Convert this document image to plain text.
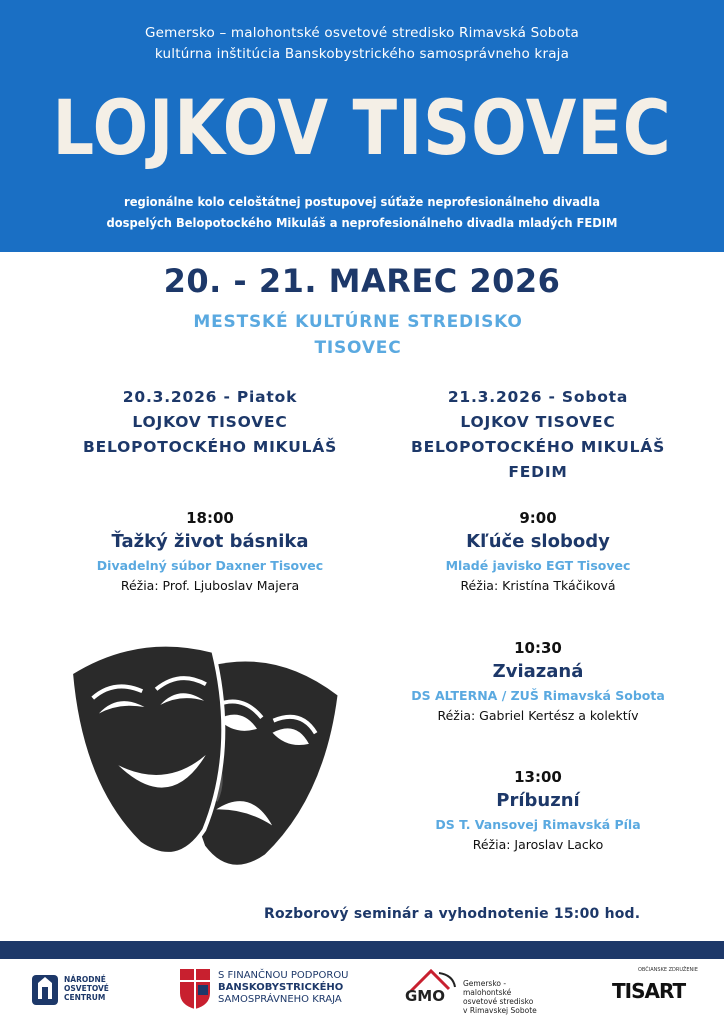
Gemersko – malohontské osvetové stredisko Rimavská Sobota
kultúrna inštitúcia Banskobystrického samosprávneho kraja
LOJKOV TISOVEC
regionálne kolo celoštátnej postupovej súťaže neprofesionálneho divadla
dospelých Belopotockého Mikuláš a neprofesionálneho divadla mladých FEDIM
20. - 21. MAREC 2026
MESTSKÉ KULTÚRNE STREDISKO
TISOVEC
20.3.2026 - Piatok
LOJKOV TISOVEC
BELOPOTOCKÉHO MIKULÁŠ
18:00
Ťažký život básnika
Divadelný súbor Daxner Tisovec
Réžia: Prof. Ljuboslav Majera
21.3.2026 - Sobota
LOJKOV TISOVEC
BELOPOTOCKÉHO MIKULÁŠ
FEDIM
9:00
Kľúče slobody
Mladé javisko EGT Tisovec
Réžia: Kristína Tkáčiková
10:30
Zviazaná
DS ALTERNA / ZUŠ Rimavská Sobota
Réžia: Gabriel Kertész a kolektív
13:00
Príbuzní
DS T. Vansovej Rimavská Píla
Réžia: Jaroslav Lacko
Rozborový seminár a vyhodnotenie 15:00 hod.
NÁRODNÉ
OSVETOVÉ
CENTRUM
S FINANČNOU PODPOROU
BANSKOBYSTRICKÉHO
SAMOSPRÁVNEHO KRAJA	GMO
Gemersko - malohontské
osvetové stredisko
v Rimavskej Sobote
OBČIANSKE ZDRUŽENIE
TISART
